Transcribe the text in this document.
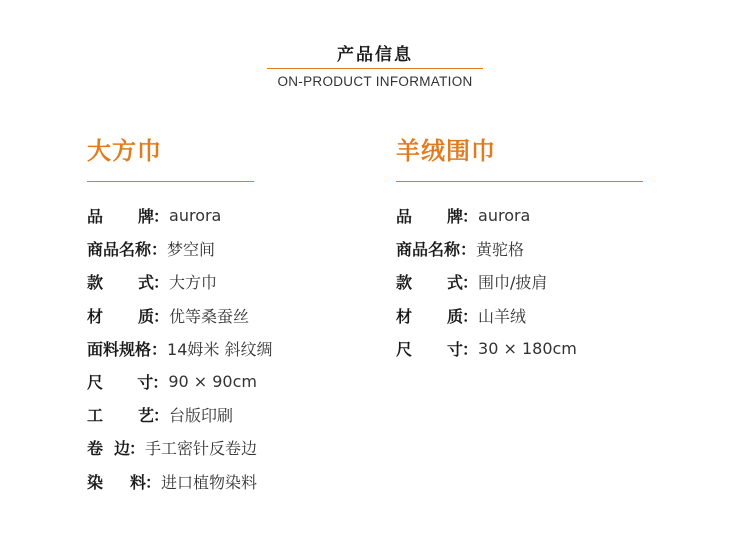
产品信息
ON-PRODUCT INFORMATION
大方巾
品 牌 ： aurora
商品名称 ： 梦空间
款 式 ： 大方巾
材 质 ： 优等桑蚕丝
面料规格 ： 14姆米 斜纹绸
尺 寸 ： 90 × 90cm
工 艺 ： 台版印刷
卷 边 ： 手工密针反卷边
染 料 ： 进口植物染料
羊绒围巾
品 牌 ： aurora
商品名称 ： 黄驼格
款 式 ： 围巾/披肩
材 质 ： 山羊绒
尺 寸 ： 30 × 180cm
